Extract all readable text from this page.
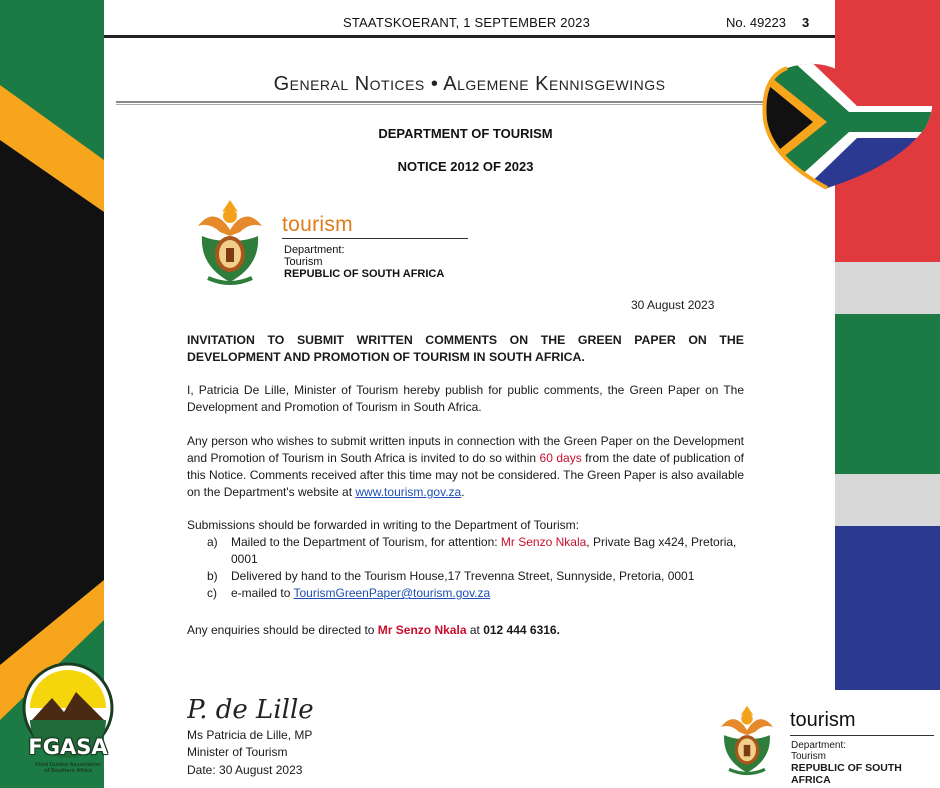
STAATSKOERANT, 1 SEPTEMBER 2023	No. 49223 3
General Notices • Algemene Kennisgewings
DEPARTMENT OF TOURISM
NOTICE 2012 OF 2023
tourism
Department:
Tourism
REPUBLIC OF SOUTH AFRICA
30 August 2023
INVITATION TO SUBMIT WRITTEN COMMENTS ON THE GREEN PAPER ON THE DEVELOPMENT AND PROMOTION OF TOURISM IN SOUTH AFRICA.
I, Patricia De Lille, Minister of Tourism hereby publish for public comments, the Green Paper on The Development and Promotion of Tourism in South Africa.
Any person who wishes to submit written inputs in connection with the Green Paper on the Development and Promotion of Tourism in South Africa is invited to do so within 60 days from the date of publication of this Notice. Comments received after this time may not be considered. The Green Paper is also available on the Department's website at www.tourism.gov.za.
Submissions should be forwarded in writing to the Department of Tourism:
a) Mailed to the Department of Tourism, for attention: Mr Senzo Nkala, Private Bag x424, Pretoria, 0001
b) Delivered by hand to the Tourism House,17 Trevenna Street, Sunnyside, Pretoria, 0001
c) e-mailed to TourismGreenPaper@tourism.gov.za
Any enquiries should be directed to Mr Senzo Nkala at 012 444 6316.
P. de Lille
Ms Patricia de Lille, MP
Minister of Tourism
Date: 30 August 2023
FGASA
Field Guides Association
of Southern Africa
tourism
Department:
Tourism
REPUBLIC OF SOUTH AFRICA
